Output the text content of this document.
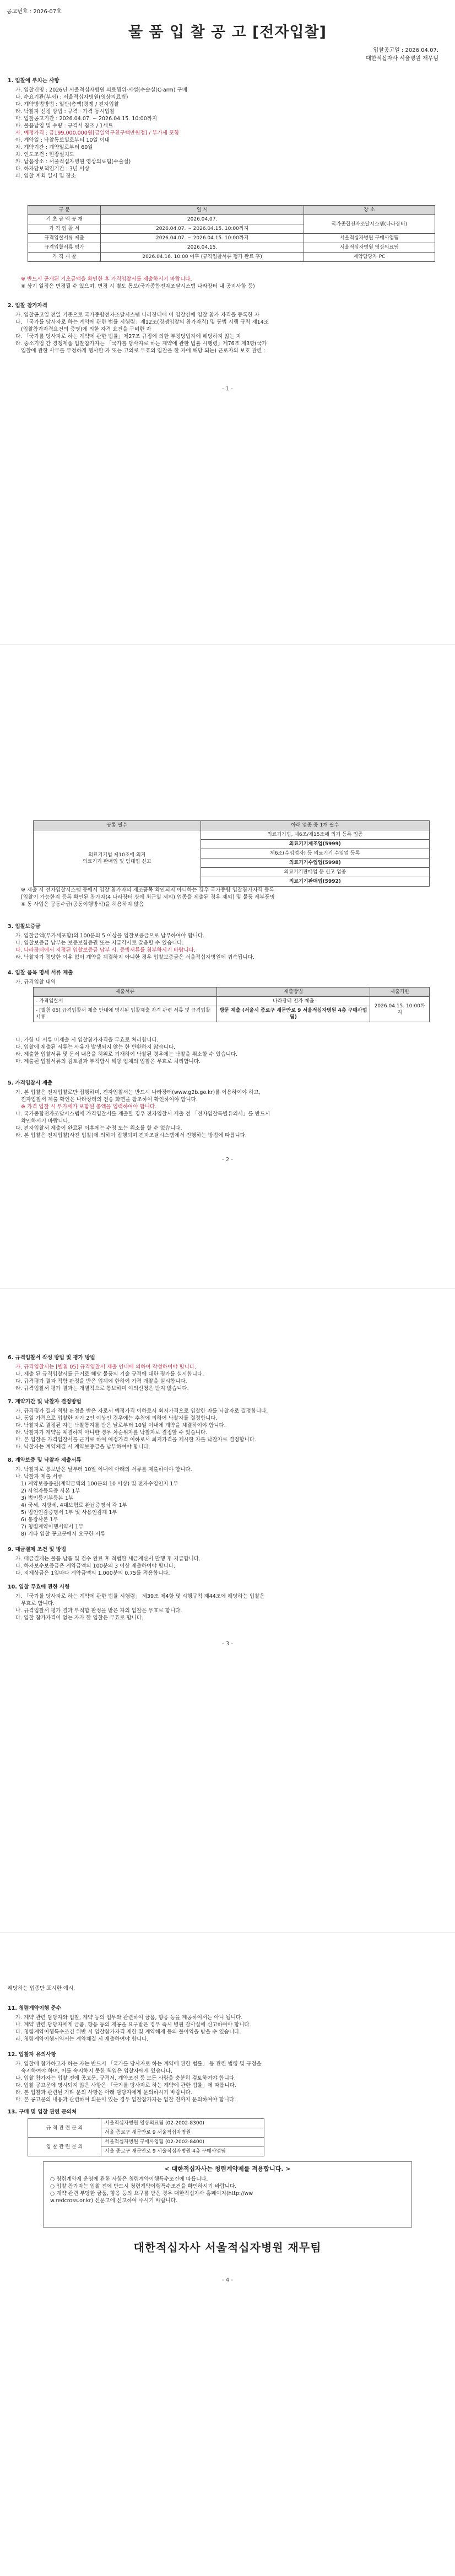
공고번호 : 2026-07호
물 품 입 찰 공 고 [전자입찰]
입찰공고일 : 2026.04.07.
대한적십자사 서울병원 재무팀
1. 입찰에 부치는 사항
가. 입찰건명 : 2026년 서울적십자병원 의료행위·시설(수술실(C-arm) 구매
나. 수요기관(부서) : 서울적십자병원(영상의료팀)
다. 계약방법방법 : 일반(총액)경쟁 / 전자입찰
라. 낙찰자 선정 방법 : 규격 · 가격 동시입찰
마. 입찰공고기간 : 2026.04.07. ~ 2026.04.15. 10:00까지
바. 물품납입 및 수량 : 규격서 참조 / 1세트
사. 예정가격 : 금199,000,000원[금일억구천구백만원정] / 부가세 포함
아. 계약일 : 낙찰통보일로부터 10일 이내
자. 계약기간 : 계약일로부터 60일
차. 인도조건 : 현장설치도
카. 납품장소 : 서울적십자병원 영상의료팀(수술실)
타. 하자담보책임기간 : 3년 이상
파. 입찰 계획 일시 및 장소
구 분	일 시	장 소
기 초 금 액 공 개	2026.04.07.	국가종합전자조달시스템(나라장터)
가 격 입 찰 서	2026.04.07. ~ 2026.04.15. 10:00까지	
규격입찰서류 제출	2026.04.07. ~ 2026.04.15. 10:00까지	서울적십자병원 구매사업팀
규격입찰서류 평가	2026.04.15.	서울적십자병원 영상의료팀
가 격 개 찰	2026.04.16. 10:00 이후 (규격입찰서류 평가 완료 후)	계약담당자 PC
※ 반드시 공개된 기초금액을 확인한 후 가격입찰서를 제출하시기 바랍니다.
※ 상기 일정은 변경될 수 있으며, 변경 시 별도 통보(국가종합전자조달시스템 나라장터 내 공지사항 등)
2. 입찰 참가자격
가. 입찰공고일 전일 기준으로 국가종합전자조달시스템 나라장터에 이 입찰건에 입찰 참가 자격을 등록한 자
나. 「국가를 당사자로 하는 계약에 관한 법률 시행령」제12조(경쟁입찰의 참가자격) 및 동법 시행 규칙 제14조
(입찰참가자격요건의 증명)에 의한 자격 요건을 구비한 자
다. 「국가를 당사자로 하는 계약에 관한 법률」제27조 규정에 의한 부정당업자에 해당하지 않는 자
라. 중소기업 간 경쟁제품 입찰참가자는 「국가를 당사자로 하는 계약에 관한 법률 시행령」제76조 제3항(국가
입찰에 관한 사무를 부정하게 행사한 자 또는 고의로 무효의 입찰을 한 자에 해당 되는) 근로자의 보호 관련 :
- 1 -
공통 필수	아래 업종 중 1개 필수

의료기기법 제10조에 의거
의료기기 판매업 및 임대업 신고	의료기기법, 제6조/제15조에 의거 등록 업종
	의료기기제조업(5999)
	제6조(수입업자) 등 의료기기 수입업 등록
	의료기기수입업(5998)
	의료기기판매업 등 신고 업종
	의료기기판매업(5992)
※ 제출 시 전자입찰시스템 등에서 입찰 참가자의 제조품목 확인되지 아니하는 경우 국가종합 입찰참가자격 등록
[입찰이 가능한지 등록 확인된 참가자(4 나라장터 상에 최근일 제외) 업종을 제출된 경우 제외] 및 물품 세부품명
※ 동 사업은 공동수급(공동이행방식)을 허용하지 않음
3. 입찰보증금
가. 입찰금액(부가세포함)의 100분의 5 이상을 입찰보증금으로 납부하여야 합니다.
나. 입찰보증금 납부는 보증보험증권 또는 지급각서로 갈음할 수 있습니다.
다. 나라장터에서 지정된 입찰보증금 납부 시, 증빙서류를 첨부하시기 바랍니다.
라. 낙찰자가 정당한 이유 없이 계약을 체결하지 아니한 경우 입찰보증금은 서울적십자병원에 귀속됩니다.
4. 입찰 품목 명세 서류 제출
가. 규격입찰 내역
제출서류	제출방법	제출기한
- 가격입찰서	나라장터 전자 제출	2026.04.15. 10:00까지
- [별첨 05] 규격입찰서 제출 안내에 명시된 입찰제출 자격 관련 서류 및 규격입찰 서류	방문 제출 (서울시 종로구 새문안로 9 서울적십자병원 4층 구매사업팀)	
나. 가항 내 서류 미제출 시 입찰참가자격을 무효로 처리합니다.
다. 입찰에 제출된 서류는 사유가 발생되지 않는 한 반환하지 않습니다.
라. 제출한 입찰서류 및 문서 내용을 허위로 기재하여 낙찰된 경우에는 낙찰을 취소할 수 있습니다.
마. 제출된 입찰서류의 검토결과 부적합시 해당 업체의 입찰은 무효로 처리합니다.
5. 가격입찰서 제출
가. 본 입찰은 전자입찰로만 집행하며, 전자입찰서는 반드시 나라장터(www.g2b.go.kr)를 이용하여야 하고,
전자입찰서 제출 확인은 나라장터의 전송 화면을 참조하여 확인하여야 합니다.
※ 가격 입찰 시 부가세가 포함된 총액을 입력하여야 합니다.
나. 국가종합전자조달시스템에 가격입찰서를 제출할 경우 전자입찰서 제출 전 「전자입찰특별유의서」를 반드시
확인하시기 바랍니다.
다. 전자입찰서 제출이 완료된 이후에는 수정 또는 취소를 할 수 없습니다.
라. 본 입찰은 전자입찰(사전 입찰)에 의하여 집행되며 전자조달시스템에서 진행하는 방법에 따릅니다.
- 2 -
6. 규격입찰서 작성 방법 및 평가 방법
가. 규격입찰서는 [별첨 05] 규격입찰서 제출 안내에 의하여 작성하여야 합니다.
나. 제출 된 규격입찰서를 근거로 해당 물품의 기술 규격에 대한 평가를 실시합니다.
다. 규격평가 결과 적합 판정을 받은 업체에 한하여 가격 개찰을 실시합니다.
라. 규격입찰서 평가 결과는 개별적으로 통보하며 이의신청은 받지 않습니다.
7. 계약기간 및 낙찰자 결정방법
가. 규격평가 결과 적합 판정을 받은 자로서 예정가격 이하로서 최저가격으로 입찰한 자를 낙찰자로 결정합니다.
나. 동일 가격으로 입찰한 자가 2인 이상인 경우에는 추첨에 의하여 낙찰자를 결정합니다.
다. 낙찰자로 결정된 자는 낙찰통지를 받은 날로부터 10일 이내에 계약을 체결하여야 합니다.
라. 낙찰자가 계약을 체결하지 아니한 경우 차순위자를 낙찰자로 결정할 수 있습니다.
마. 본 입찰은 가격입찰서를 근거로 하여 예정가격 이하로서 최저가격을 제시한 자를 낙찰자로 결정합니다.
바. 낙찰자는 계약체결 시 계약보증금을 납부하여야 합니다.
8. 계약보증 및 낙찰자 제출서류
가. 낙찰자로 통보받은 날부터 10일 이내에 아래의 서류를 제출하여야 합니다.
나. 낙찰자 제출 서류
1) 계약보증증권(계약금액의 100분의 10 이상) 및 전자수입인지 1부
2) 사업자등록증 사본 1부
3) 법인등기부등본 1부
4) 국세, 지방세, 4대보험료 완납증명서 각 1부
5) 법인인감증명서 1부 및 사용인감계 1부
6) 통장사본 1부
7) 청렴계약이행서약서 1부
8) 기타 입찰 공고문에서 요구한 서류
9. 대금결제 조건 및 방법
가. 대금결제는 물품 납품 및 검수 완료 후 적법한 세금계산서 발행 후 지급합니다.
나. 하자보수보증금은 계약금액의 100분의 3 이상 제출하여야 합니다.
다. 지체상금은 1일마다 계약금액의 1,000분의 0.75를 적용합니다.
10. 입찰 무효에 관한 사항
가. 「국가를 당사자로 하는 계약에 관한 법률 시행령」 제39조 제4항 및 시행규칙 제44조에 해당하는 입찰은
무효로 합니다.
나. 규격입찰서 평가 결과 부적합 판정을 받은 자의 입찰은 무효로 합니다.
다. 입찰 참가자격이 없는 자가 한 입찰은 무효로 합니다.
- 3 -
해당하는 업종만 표시한 예시.
11. 청렴계약이행 준수
가. 계약 관련 담당자와 입찰, 계약 등의 업무와 관련하여 금품, 향응 등을 제공하여서는 아니 됩니다.
나. 계약 관련 담당자에게 금품, 향응 등의 제공을 요구받은 경우 즉시 병원 감사실에 신고하여야 합니다.
다. 청렴계약이행특수조건 위반 시 입찰참가자격 제한 및 계약해제 등의 불이익을 받을 수 있습니다.
라. 청렴계약이행서약서는 계약체결 시 제출하여야 합니다.
12. 입찰자 유의사항
가. 입찰에 참가하고자 하는 자는 반드시 「국가를 당사자로 하는 계약에 관한 법률」 등 관련 법령 및 규정을
숙지하여야 하며, 이를 숙지하지 못한 책임은 입찰자에게 있습니다.
나. 입찰 참가자는 입찰 전에 공고문, 규격서, 계약조건 등 모든 사항을 충분히 검토하여야 합니다.
다. 입찰 공고문에 명시되지 않은 사항은 「국가를 당사자로 하는 계약에 관한 법률」에 따릅니다.
라. 본 입찰과 관련된 기타 문의 사항은 아래 담당자에게 문의하시기 바랍니다.
마. 본 공고문의 내용과 관련하여 의문이 있는 경우 입찰참가자는 입찰 전까지 문의하여야 합니다.
13. 구매 및 입찰 관련 문의처
규 격 관 련 문 의	서울적십자병원 영상의료팀 (02-2002-8300)
	서울 종로구 새문안로 9 서울적십자병원
입 찰 관 련 문 의	서울적십자병원 구매사업팀 (02-2002-8400)
	서울 종로구 새문안로 9 서울적십자병원 4층 구매사업팀
< 대한적십자사는 청렴계약제를 적용합니다. >
○ 청렴계약제 운영에 관한 사항은 청렴계약이행특수조건에 따릅니다.
○ 입찰 참가자는 입찰 전에 반드시 청렴계약이행특수조건을 확인하시기 바랍니다.
○ 계약 관련 부당한 금품, 향응 등의 요구를 받은 경우 대한적십자사 홈페이지(http://ww
w.redcross.or.kr) 신문고에 신고하여 주시기 바랍니다.
대한적십자사 서울적십자병원 재무팀
- 4 -
